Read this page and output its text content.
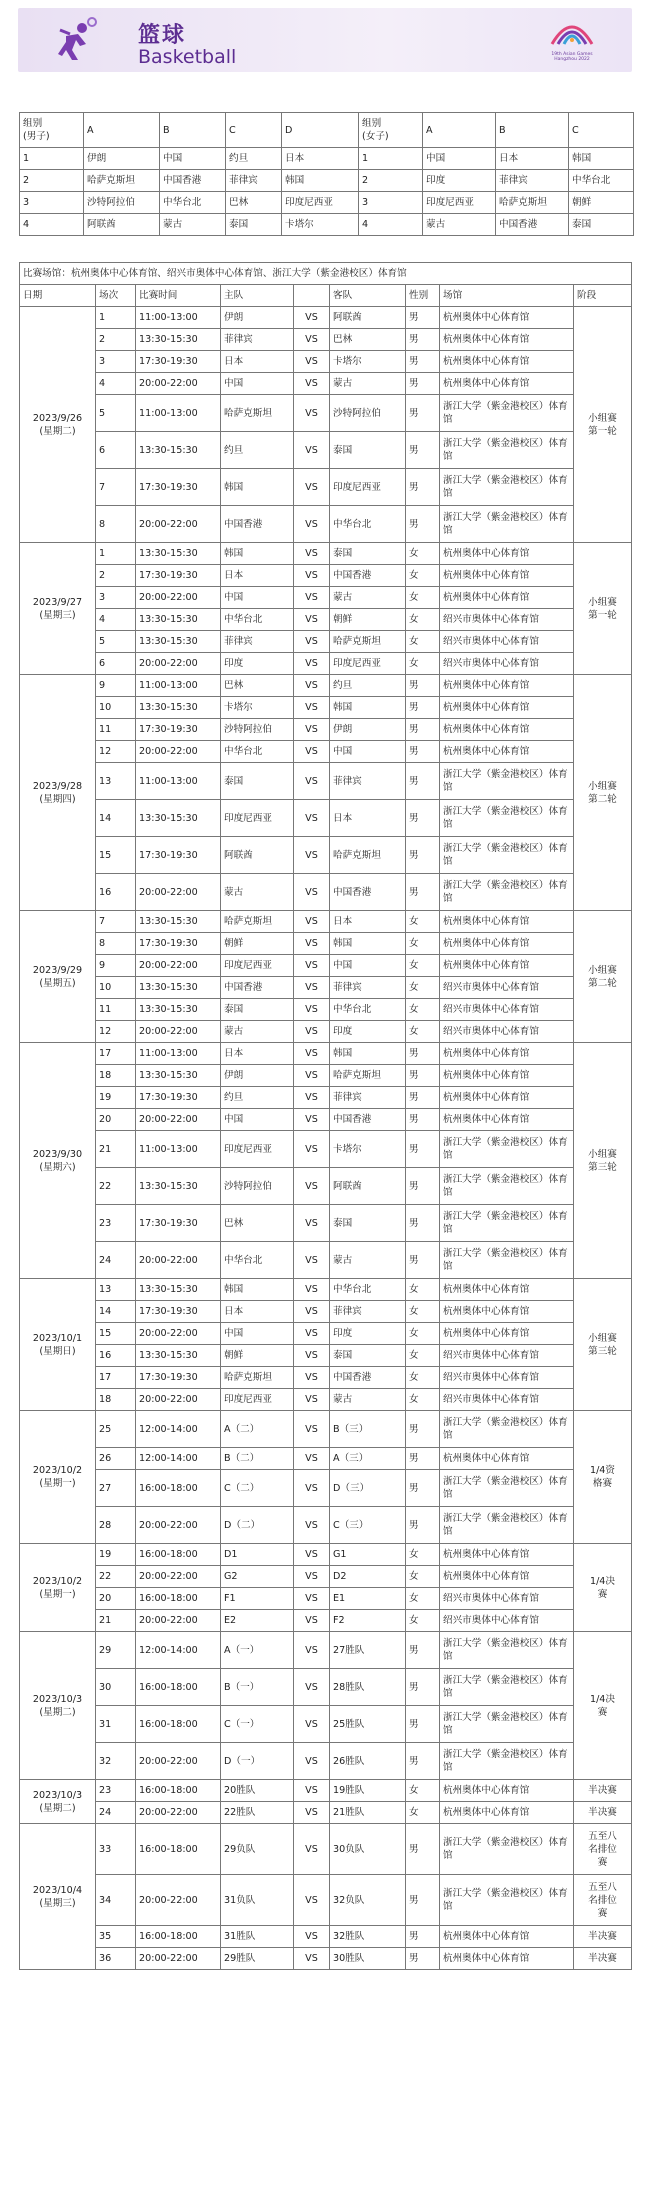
篮球
Basketball	19th Asian Games Hangzhou 2022
组别
(男子)	A	B	C	D	组别
(女子)	A	B	C
1	伊朗	中国	约旦	日本	1	中国	日本	韩国
2	哈萨克斯坦	中国香港	菲律宾	韩国	2	印度	菲律宾	中华台北
3	沙特阿拉伯	中华台北	巴林	印度尼西亚	3	印度尼西亚	哈萨克斯坦	朝鲜
4	阿联酋	蒙古	泰国	卡塔尔	4	蒙古	中国香港	泰国
比赛场馆：杭州奥体中心体育馆、绍兴市奥体中心体育馆、浙江大学（紫金港校区）体育馆								
日期	场次	比赛时间	主队		客队	性别	场馆	阶段
2023/9/26
(星期二)	1	11:00-13:00	伊朗	VS	阿联酋	男	杭州奥体中心体育馆	小组赛
第一轮
	2	13:30-15:30	菲律宾	VS	巴林	男	杭州奥体中心体育馆	
	3	17:30-19:30	日本	VS	卡塔尔	男	杭州奥体中心体育馆	
	4	20:00-22:00	中国	VS	蒙古	男	杭州奥体中心体育馆	
	5	11:00-13:00	哈萨克斯坦	VS	沙特阿拉伯	男	浙江大学（紫金港校区）体育馆	
	6	13:30-15:30	约旦	VS	泰国	男	浙江大学（紫金港校区）体育馆	
	7	17:30-19:30	韩国	VS	印度尼西亚	男	浙江大学（紫金港校区）体育馆	
	8	20:00-22:00	中国香港	VS	中华台北	男	浙江大学（紫金港校区）体育馆	
2023/9/27
(星期三)	1	13:30-15:30	韩国	VS	泰国	女	杭州奥体中心体育馆	小组赛
第一轮
	2	17:30-19:30	日本	VS	中国香港	女	杭州奥体中心体育馆	
	3	20:00-22:00	中国	VS	蒙古	女	杭州奥体中心体育馆	
	4	13:30-15:30	中华台北	VS	朝鲜	女	绍兴市奥体中心体育馆	
	5	13:30-15:30	菲律宾	VS	哈萨克斯坦	女	绍兴市奥体中心体育馆	
	6	20:00-22:00	印度	VS	印度尼西亚	女	绍兴市奥体中心体育馆	
2023/9/28
(星期四)	9	11:00-13:00	巴林	VS	约旦	男	杭州奥体中心体育馆	小组赛
第二轮
	10	13:30-15:30	卡塔尔	VS	韩国	男	杭州奥体中心体育馆	
	11	17:30-19:30	沙特阿拉伯	VS	伊朗	男	杭州奥体中心体育馆	
	12	20:00-22:00	中华台北	VS	中国	男	杭州奥体中心体育馆	
	13	11:00-13:00	泰国	VS	菲律宾	男	浙江大学（紫金港校区）体育馆	
	14	13:30-15:30	印度尼西亚	VS	日本	男	浙江大学（紫金港校区）体育馆	
	15	17:30-19:30	阿联酋	VS	哈萨克斯坦	男	浙江大学（紫金港校区）体育馆	
	16	20:00-22:00	蒙古	VS	中国香港	男	浙江大学（紫金港校区）体育馆	
2023/9/29
(星期五)	7	13:30-15:30	哈萨克斯坦	VS	日本	女	杭州奥体中心体育馆	小组赛
第二轮
	8	17:30-19:30	朝鲜	VS	韩国	女	杭州奥体中心体育馆	
	9	20:00-22:00	印度尼西亚	VS	中国	女	杭州奥体中心体育馆	
	10	13:30-15:30	中国香港	VS	菲律宾	女	绍兴市奥体中心体育馆	
	11	13:30-15:30	泰国	VS	中华台北	女	绍兴市奥体中心体育馆	
	12	20:00-22:00	蒙古	VS	印度	女	绍兴市奥体中心体育馆	
2023/9/30
(星期六)	17	11:00-13:00	日本	VS	韩国	男	杭州奥体中心体育馆	小组赛
第三轮
	18	13:30-15:30	伊朗	VS	哈萨克斯坦	男	杭州奥体中心体育馆	
	19	17:30-19:30	约旦	VS	菲律宾	男	杭州奥体中心体育馆	
	20	20:00-22:00	中国	VS	中国香港	男	杭州奥体中心体育馆	
	21	11:00-13:00	印度尼西亚	VS	卡塔尔	男	浙江大学（紫金港校区）体育馆	
	22	13:30-15:30	沙特阿拉伯	VS	阿联酋	男	浙江大学（紫金港校区）体育馆	
	23	17:30-19:30	巴林	VS	泰国	男	浙江大学（紫金港校区）体育馆	
	24	20:00-22:00	中华台北	VS	蒙古	男	浙江大学（紫金港校区）体育馆	
2023/10/1
(星期日)	13	13:30-15:30	韩国	VS	中华台北	女	杭州奥体中心体育馆	小组赛
第三轮
	14	17:30-19:30	日本	VS	菲律宾	女	杭州奥体中心体育馆	
	15	20:00-22:00	中国	VS	印度	女	杭州奥体中心体育馆	
	16	13:30-15:30	朝鲜	VS	泰国	女	绍兴市奥体中心体育馆	
	17	17:30-19:30	哈萨克斯坦	VS	中国香港	女	绍兴市奥体中心体育馆	
	18	20:00-22:00	印度尼西亚	VS	蒙古	女	绍兴市奥体中心体育馆	
2023/10/2
(星期一)	25	12:00-14:00	A（二）	VS	B（三）	男	浙江大学（紫金港校区）体育馆	1/4资
格赛
	26	12:00-14:00	B（二）	VS	A（三）	男	杭州奥体中心体育馆	
	27	16:00-18:00	C（二）	VS	D（三）	男	浙江大学（紫金港校区）体育馆	
	28	20:00-22:00	D（二）	VS	C（三）	男	浙江大学（紫金港校区）体育馆	
2023/10/2
(星期一)	19	16:00-18:00	D1	VS	G1	女	杭州奥体中心体育馆	1/4决
赛
	22	20:00-22:00	G2	VS	D2	女	杭州奥体中心体育馆	
	20	16:00-18:00	F1	VS	E1	女	绍兴市奥体中心体育馆	
	21	20:00-22:00	E2	VS	F2	女	绍兴市奥体中心体育馆	
2023/10/3
(星期二)	29	12:00-14:00	A（一）	VS	27胜队	男	浙江大学（紫金港校区）体育馆	1/4决
赛
	30	16:00-18:00	B（一）	VS	28胜队	男	浙江大学（紫金港校区）体育馆	
	31	16:00-18:00	C（一）	VS	25胜队	男	浙江大学（紫金港校区）体育馆	
	32	20:00-22:00	D（一）	VS	26胜队	男	浙江大学（紫金港校区）体育馆	
2023/10/3
(星期二)	23	16:00-18:00	20胜队	VS	19胜队	女	杭州奥体中心体育馆	半决赛
	24	20:00-22:00	22胜队	VS	21胜队	女	杭州奥体中心体育馆	半决赛
2023/10/4
(星期三)	33	16:00-18:00	29负队	VS	30负队	男	浙江大学（紫金港校区）体育馆	五至八
名排位
赛
	34	20:00-22:00	31负队	VS	32负队	男	浙江大学（紫金港校区）体育馆	五至八
名排位
赛
	35	16:00-18:00	31胜队	VS	32胜队	男	杭州奥体中心体育馆	半决赛
	36	20:00-22:00	29胜队	VS	30胜队	男	杭州奥体中心体育馆	半决赛
